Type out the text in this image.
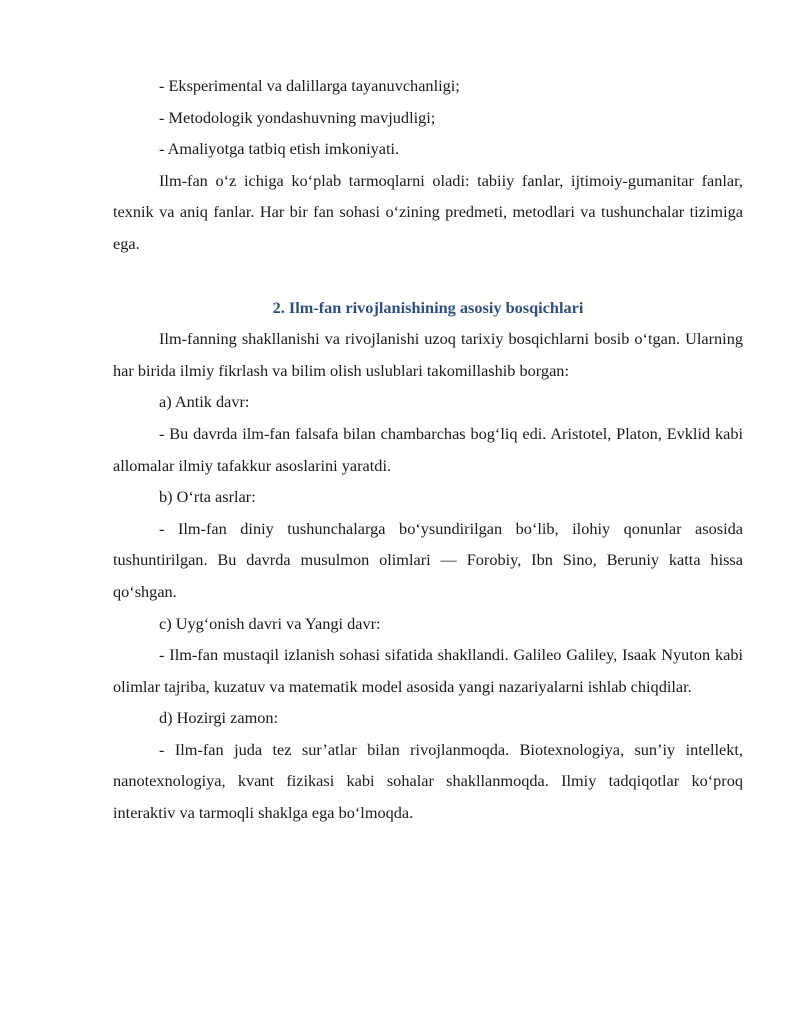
- Eksperimental va dalillarga tayanuvchanligi;

- Metodologik yondashuvning mavjudligi;

- Amaliyotga tatbiq etish imkoniyati.

Ilm-fan o‘z ichiga ko‘plab tarmoqlarni oladi: tabiiy fanlar, ijtimoiy-gumanitar fanlar, texnik va aniq fanlar. Har bir fan sohasi o‘zining predmeti, metodlari va tushunchalar tizimiga ega.

2. Ilm-fan rivojlanishining asosiy bosqichlari

Ilm-fanning shakllanishi va rivojlanishi uzoq tarixiy bosqichlarni bosib o‘tgan. Ularning har birida ilmiy fikrlash va bilim olish uslublari takomillashib borgan:

a) Antik davr:

- Bu davrda ilm-fan falsafa bilan chambarchas bog‘liq edi. Aristotel, Platon, Evklid kabi allomalar ilmiy tafakkur asoslarini yaratdi.

b) O‘rta asrlar:

- Ilm-fan diniy tushunchalarga bo‘ysundirilgan bo‘lib, ilohiy qonunlar asosida tushuntirilgan. Bu davrda musulmon olimlari — Forobiy, Ibn Sino, Beruniy katta hissa qo‘shgan.

c) Uyg‘onish davri va Yangi davr:

- Ilm-fan mustaqil izlanish sohasi sifatida shakllandi. Galileo Galiley, Isaak Nyuton kabi olimlar tajriba, kuzatuv va matematik model asosida yangi nazariyalarni ishlab chiqdilar.

d) Hozirgi zamon:

- Ilm-fan juda tez sur’atlar bilan rivojlanmoqda. Biotexnologiya, sun’iy intellekt, nanotexnologiya, kvant fizikasi kabi sohalar shakllanmoqda. Ilmiy tadqiqotlar ko‘proq interaktiv va tarmoqli shaklga ega bo‘lmoqda.
